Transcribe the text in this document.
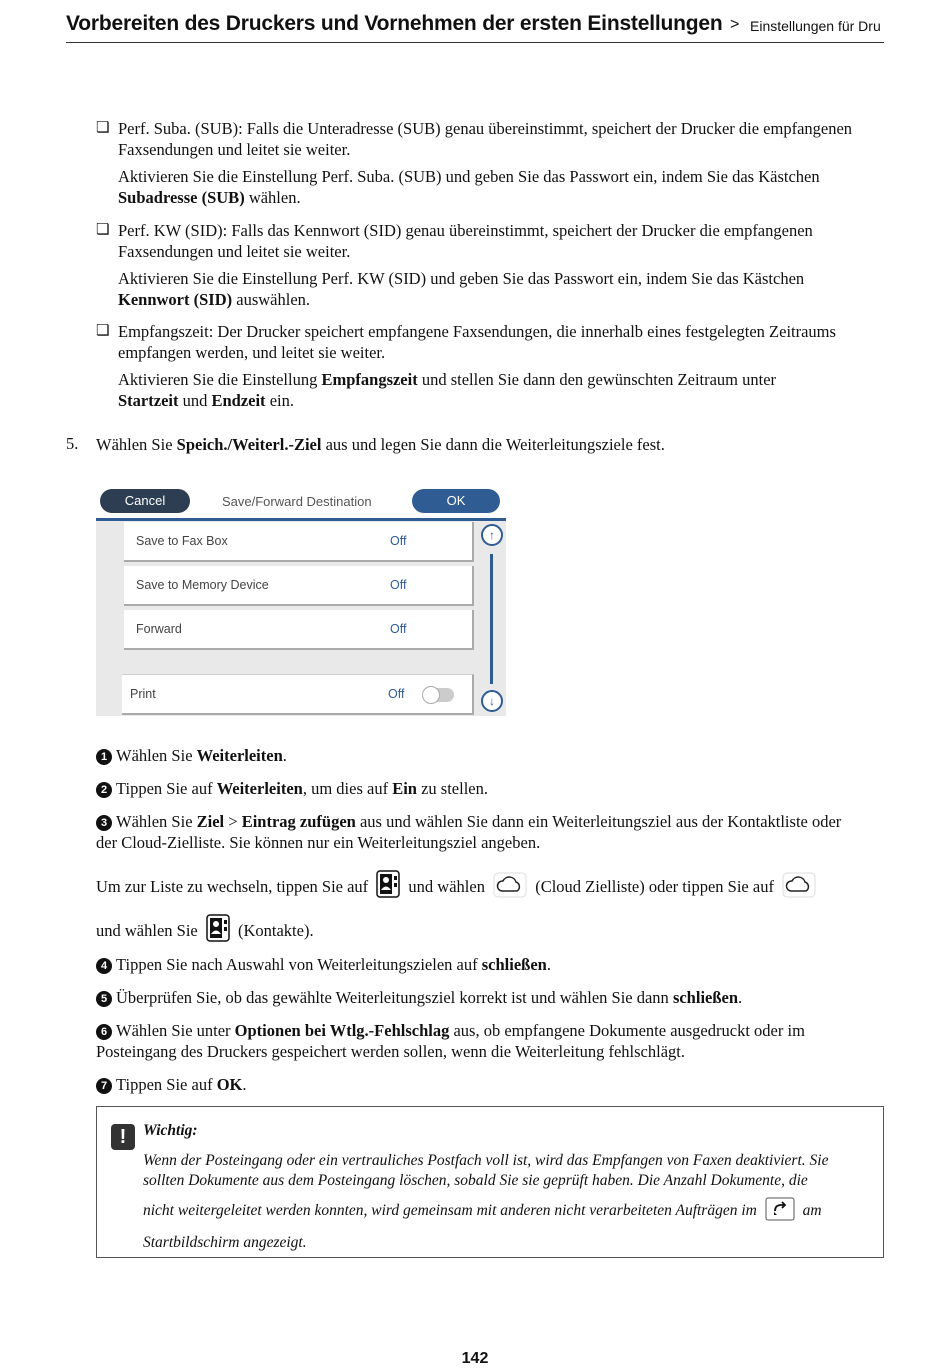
Vorbereiten des Druckers und Vornehmen der ersten Einstellungen > Einstellungen für Dru
❏ Perf. Suba. (SUB): Falls die Unteradresse (SUB) genau übereinstimmt, speichert der Drucker die empfangenen Faxsendungen und leitet sie weiter.

Aktivieren Sie die Einstellung Perf. Suba. (SUB) und geben Sie das Passwort ein, indem Sie das Kästchen
Subadresse (SUB) wählen.

❏ Perf. KW (SID): Falls das Kennwort (SID) genau übereinstimmt, speichert der Drucker die empfangenen Faxsendungen und leitet sie weiter.

Aktivieren Sie die Einstellung Perf. KW (SID) und geben Sie das Passwort ein, indem Sie das Kästchen
Kennwort (SID) auswählen.

❏ Empfangszeit: Der Drucker speichert empfangene Faxsendungen, die innerhalb eines festgelegten Zeitraums empfangen werden, und leitet sie weiter.

Aktivieren Sie die Einstellung Empfangszeit und stellen Sie dann den gewünschten Zeitraum unter
Startzeit und Endzeit ein.

5. Wählen Sie Speich./Weiterl.-Ziel aus und legen Sie dann die Weiterleitungsziele fest.

Cancel	Save/Forward Destination	OK
Save to Fax Box	Off
Save to Memory Device	Off
Forward	Off
Print	Off
↑
↓

1 Wählen Sie Weiterleiten.

2 Tippen Sie auf Weiterleiten, um dies auf Ein zu stellen.

3 Wählen Sie Ziel > Eintrag zufügen aus und wählen Sie dann ein Weiterleitungsziel aus der Kontaktliste oder der Cloud-Zielliste. Sie können nur ein Weiterleitungsziel angeben.

Um zur Liste zu wechseln, tippen Sie auf und wählen	(Cloud Zielliste) oder tippen Sie auf
und wählen Sie (Kontakte).

4 Tippen Sie nach Auswahl von Weiterleitungszielen auf schließen.

5 Überprüfen Sie, ob das gewählte Weiterleitungsziel korrekt ist und wählen Sie dann schließen.

6 Wählen Sie unter Optionen bei Wtlg.-Fehlschlag aus, ob empfangene Dokumente ausgedruckt oder im Posteingang des Druckers gespeichert werden sollen, wenn die Weiterleitung fehlschlägt.

7 Tippen Sie auf OK.

!	Wichtig:

Wenn der Posteingang oder ein vertrauliches Postfach voll ist, wird das Empfangen von Faxen deaktiviert. Sie sollten Dokumente aus dem Posteingang löschen, sobald Sie sie geprüft haben. Die Anzahl Dokumente, die

nicht weitergeleitet werden konnten, wird gemeinsam mit anderen nicht verarbeiteten Aufträgen im	am Startbildschirm angezeigt.

142
